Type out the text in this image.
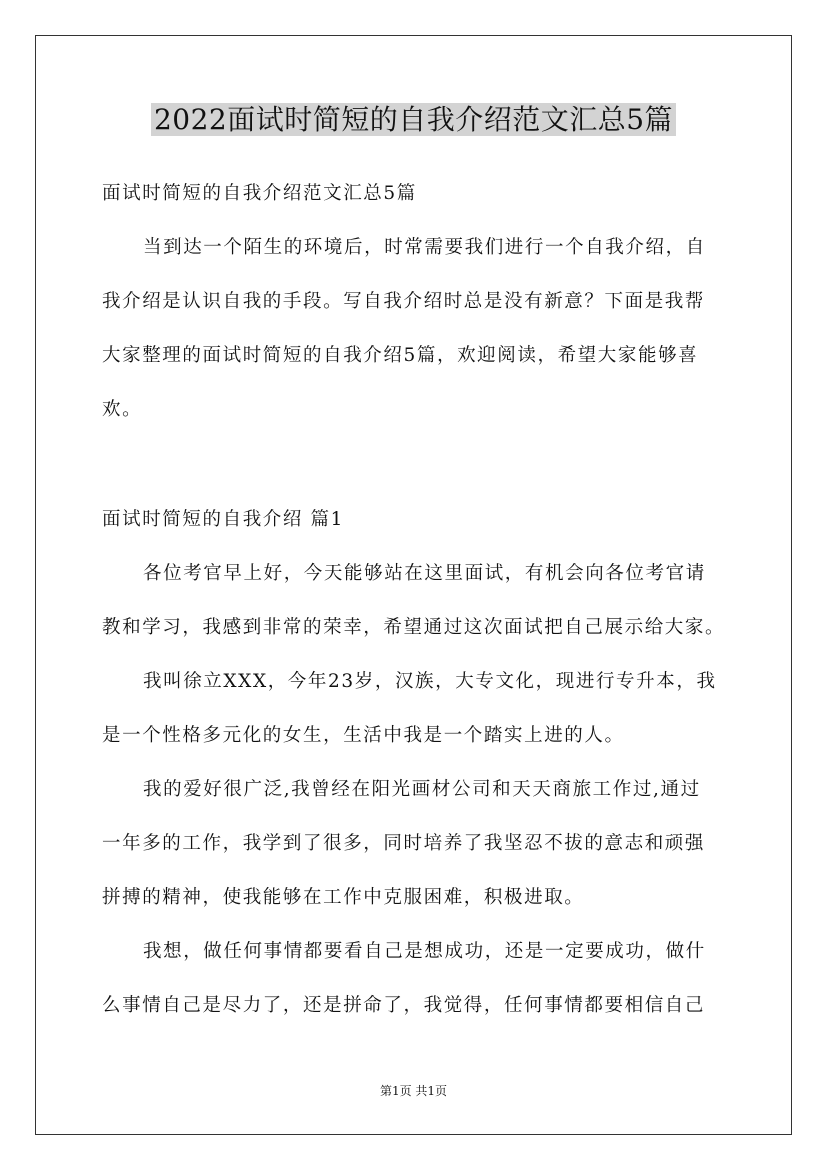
2022面试时简短的自我介绍范文汇总5篇
面试时简短的自我介绍范文汇总5篇
当到达一个陌生的环境后，时常需要我们进行一个自我介绍，自
我介绍是认识自我的手段。写自我介绍时总是没有新意？下面是我帮
大家整理的面试时简短的自我介绍5篇，欢迎阅读，希望大家能够喜
欢。
面试时简短的自我介绍 篇1
各位考官早上好，今天能够站在这里面试，有机会向各位考官请
教和学习，我感到非常的荣幸，希望通过这次面试把自己展示给大家。
我叫徐立XXX，今年23岁，汉族，大专文化，现进行专升本，我
是一个性格多元化的女生，生活中我是一个踏实上进的人。
我的爱好很广泛,我曾经在阳光画材公司和天天商旅工作过,通过
一年多的工作，我学到了很多，同时培养了我坚忍不拔的意志和顽强
拼搏的精神，使我能够在工作中克服困难，积极进取。
我想，做任何事情都要看自己是想成功，还是一定要成功，做什
么事情自己是尽力了，还是拼命了，我觉得，任何事情都要相信自己
第1页 共1页
